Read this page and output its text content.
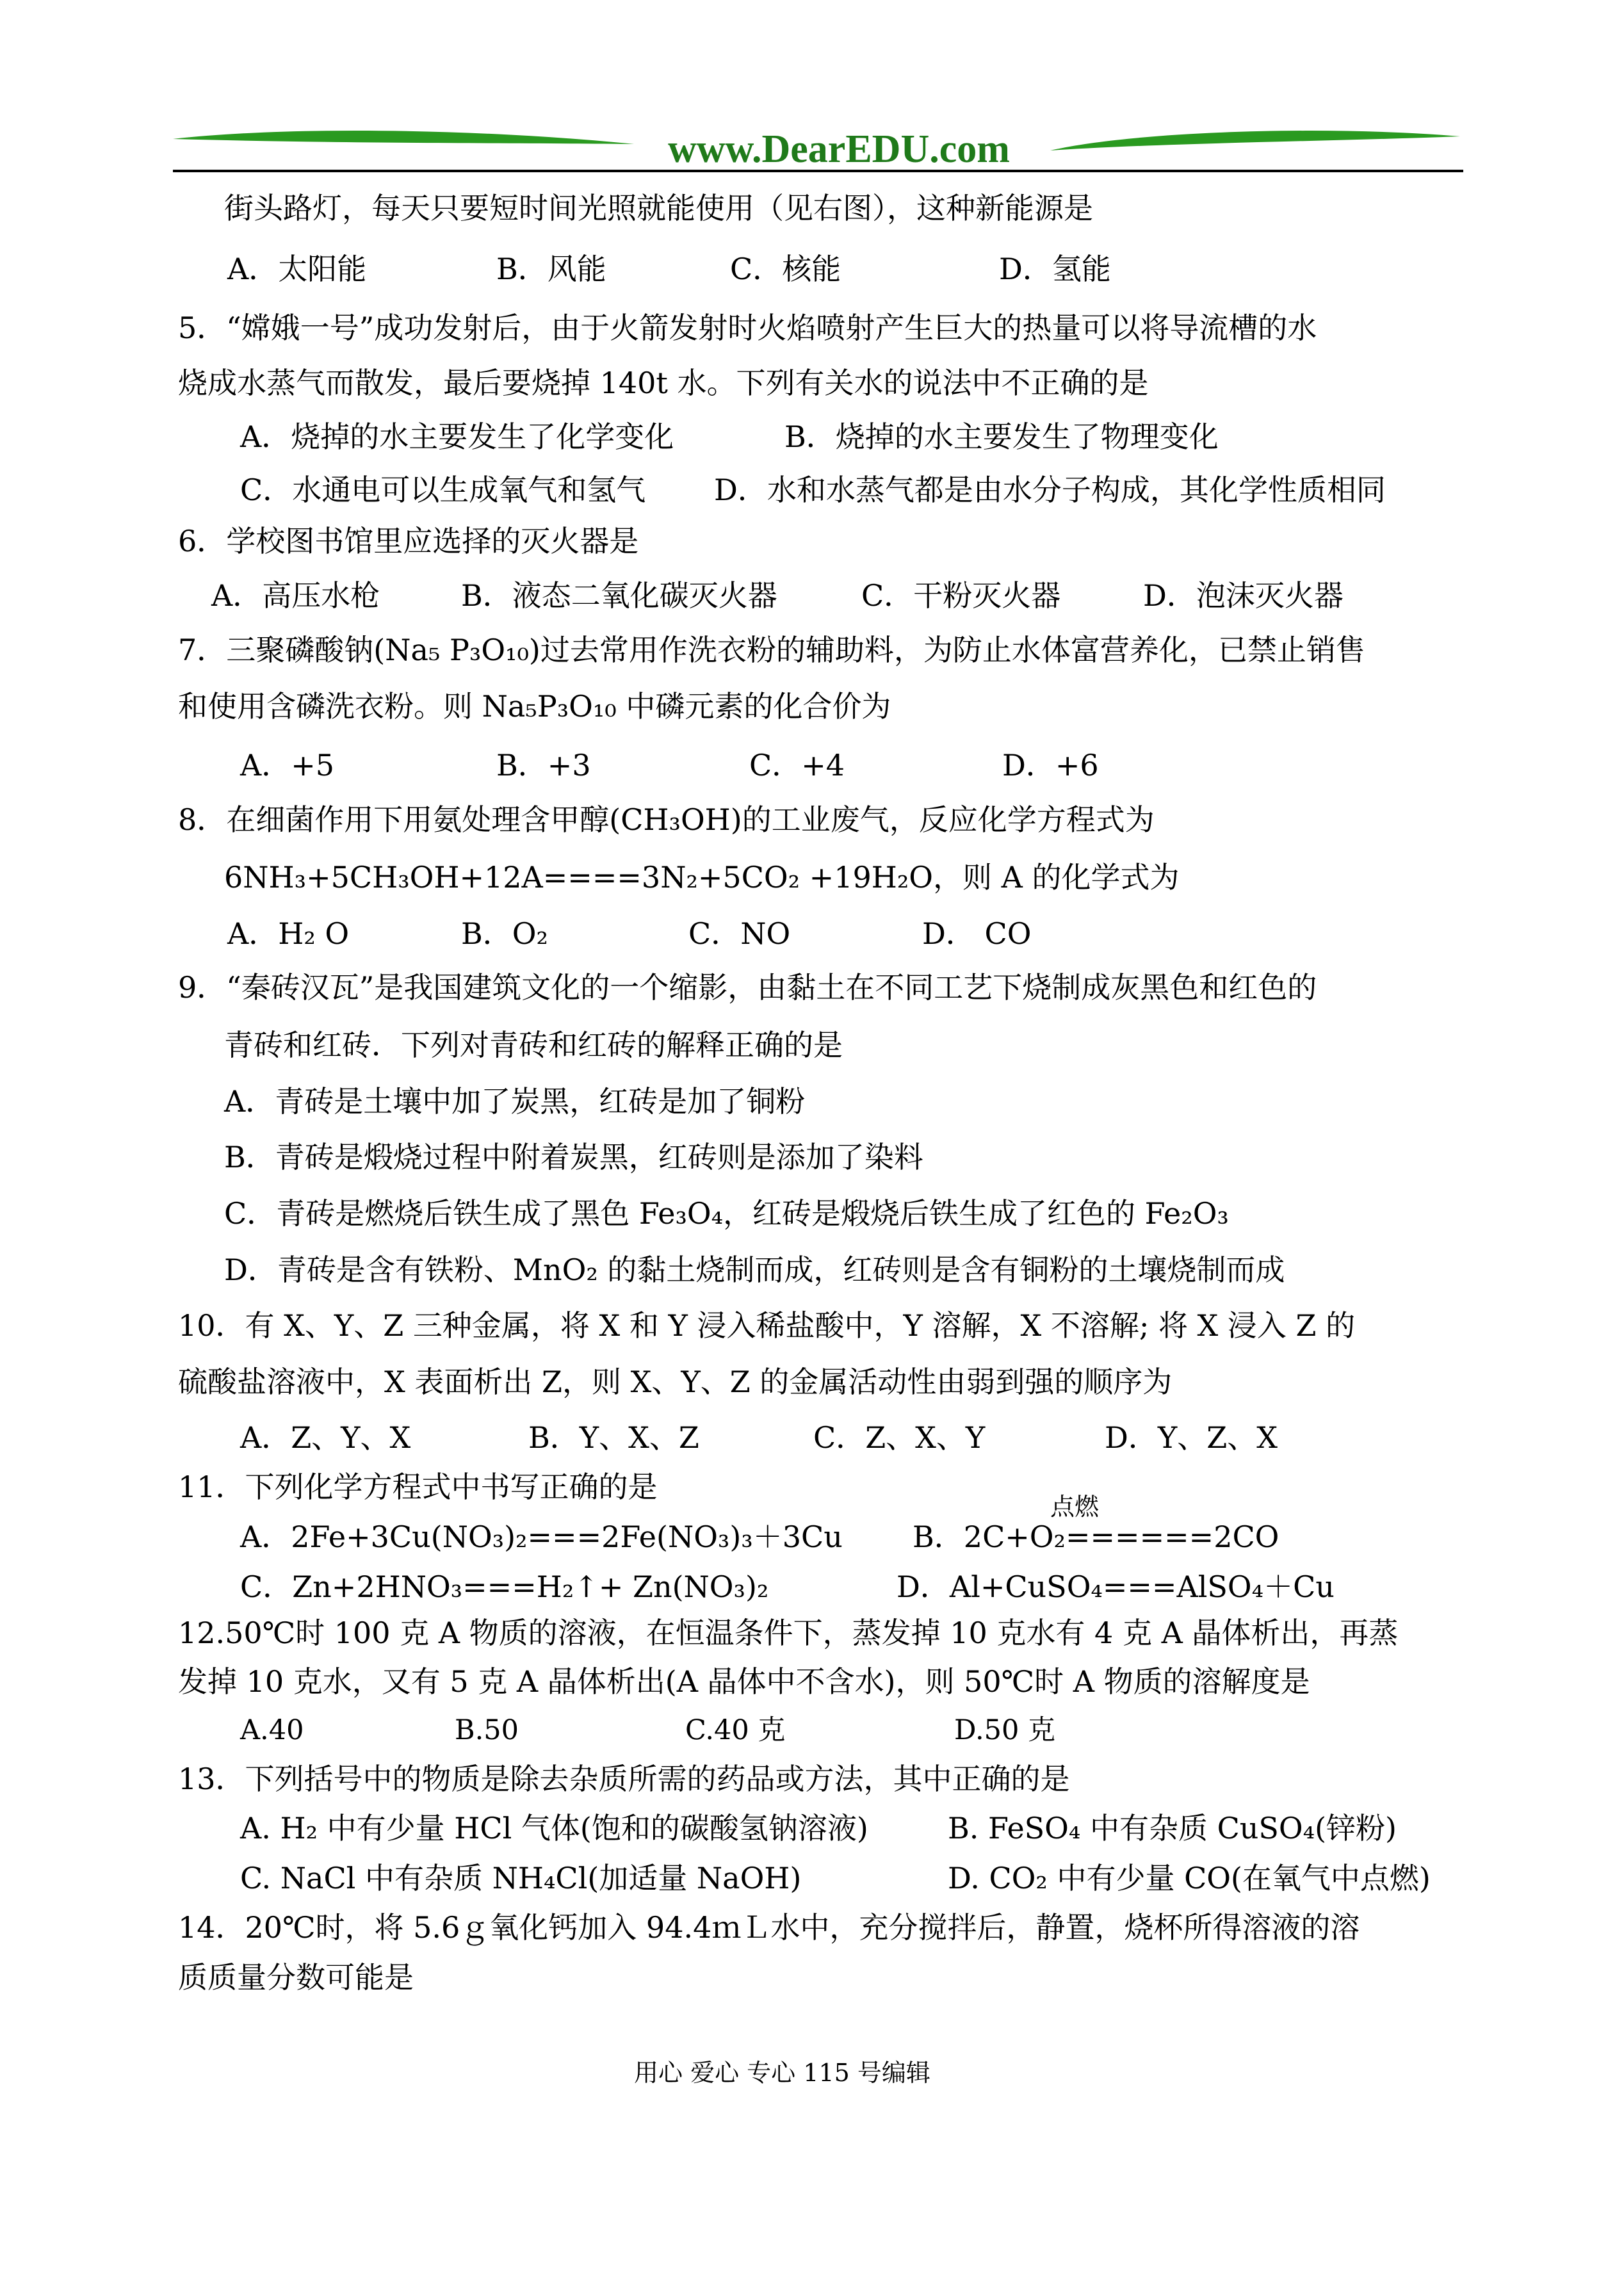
www.DearEDU.com
街头路灯，每天只要短时间光照就能使用（见右图），这种新能源是
A．太阳能	B．风能	C．核能	D．氢能
5．“嫦娥一号”成功发射后，由于火箭发射时火焰喷射产生巨大的热量可以将导流槽的水
烧成水蒸气而散发，最后要烧掉 140t 水。下列有关水的说法中不正确的是
A．烧掉的水主要发生了化学变化	B．烧掉的水主要发生了物理变化
C．水通电可以生成氧气和氢气 D．水和水蒸气都是由水分子构成，其化学性质相同
6．学校图书馆里应选择的灭火器是
A．高压水枪	B．液态二氧化碳灭火器	C．干粉灭火器	D．泡沫灭火器
7．三聚磷酸钠(Na₅ P₃O₁₀)过去常用作洗衣粉的辅助料，为防止水体富营养化，已禁止销售
和使用含磷洗衣粉。则 Na₅P₃O₁₀ 中磷元素的化合价为
A．+5	B．+3	C．+4	D．+6
8．在细菌作用下用氨处理含甲醇(CH₃OH)的工业废气，反应化学方程式为
6NH₃+5CH₃OH+12A====3N₂+5CO₂ +19H₂O，则 A 的化学式为
A．H₂ O	B．O₂	C．NO	D． CO
9．“秦砖汉瓦”是我国建筑文化的一个缩影，由黏土在不同工艺下烧制成灰黑色和红色的
青砖和红砖．下列对青砖和红砖的解释正确的是
A．青砖是土壤中加了炭黑，红砖是加了铜粉
B．青砖是煅烧过程中附着炭黑，红砖则是添加了染料
C．青砖是燃烧后铁生成了黑色 Fe₃O₄，红砖是煅烧后铁生成了红色的 Fe₂O₃
D．青砖是含有铁粉、MnO₂ 的黏土烧制而成，红砖则是含有铜粉的土壤烧制而成
10．有 X、Y、Z 三种金属，将 X 和 Y 浸入稀盐酸中，Y 溶解，X 不溶解; 将 X 浸入 Z 的
硫酸盐溶液中，X 表面析出 Z，则 X、Y、Z 的金属活动性由弱到强的顺序为
A．Z、Y、X	B．Y、X、Z	C．Z、X、Y	D．Y、Z、X
11．下列化学方程式中书写正确的是
点燃
A．2Fe+3Cu(NO₃)₂===2Fe(NO₃)₃＋3Cu B．2C+O₂======2CO
C．Zn+2HNO₃===H₂↑+ Zn(NO₃)₂	D．Al+CuSO₄===AlSO₄＋Cu
12.50℃时 100 克 A 物质的溶液，在恒温条件下，蒸发掉 10 克水有 4 克 A 晶体析出，再蒸
发掉 10 克水，又有 5 克 A 晶体析出(A 晶体中不含水)，则 50℃时 A 物质的溶解度是
A.40	B.50	C.40 克	D.50 克
13．下列括号中的物质是除去杂质所需的药品或方法，其中正确的是
A. H₂ 中有少量 HCl 气体(饱和的碳酸氢钠溶液)	B. FeSO₄ 中有杂质 CuSO₄(锌粉)
C. NaCl 中有杂质 NH₄Cl(加适量 NaOH)	D. CO₂ 中有少量 CO(在氧气中点燃)
14．20℃时，将 5.6ｇ氧化钙加入 94.4ｍＬ水中，充分搅拌后，静置，烧杯所得溶液的溶
质质量分数可能是
用心 爱心 专心 115 号编辑
